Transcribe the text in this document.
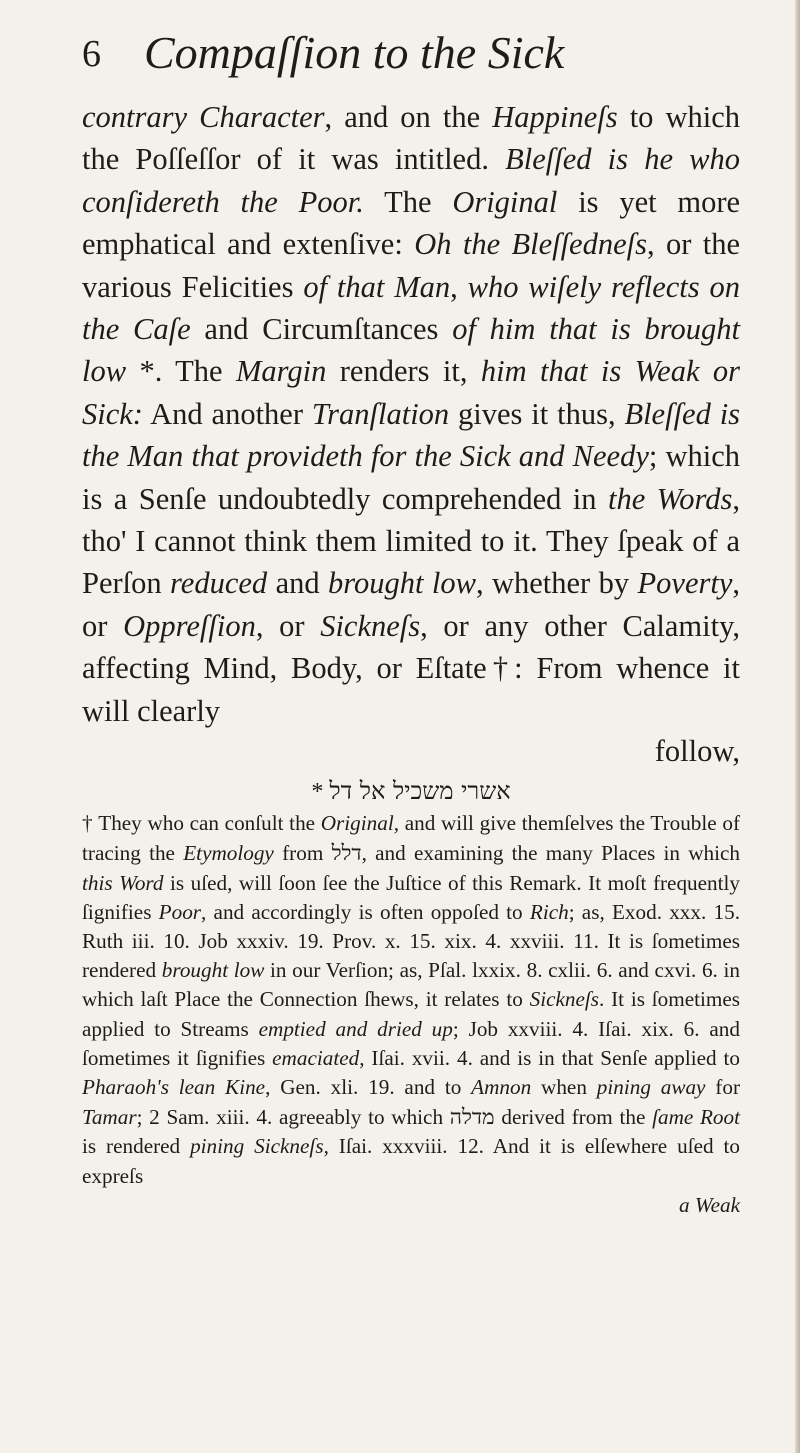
6 Compaſſion to the Sick

contrary Character, and on the Happineſs to which the Poſſeſſor of it was intitled. Bleſſed is he who conſidereth the Poor. The Original is yet more emphatical and extenſive: Oh the Bleſſedneſs, or the various Felicities of that Man, who wiſely reflects on the Caſe and Circumſtances of him that is brought low *. The Margin renders it, him that is Weak or Sick: And another Tranſlation gives it thus, Bleſſed is the Man that provideth for the Sick and Needy; which is a Senſe undoubtedly comprehended in the Words, tho' I cannot think them limited to it. They ſpeak of a Perſon reduced and brought low, whether by Poverty, or Oppreſſion, or Sickneſs, or any other Calamity, affecting Mind, Body, or Eſtate†: From whence it will clearly

follow,

* אשרי משכיל אל דל

† They who can conſult the Original, and will give themſelves the Trouble of tracing the Etymology from דלל, and examining the many Places in which this Word is uſed, will ſoon ſee the Juſtice of this Remark. It moſt frequently ſignifies Poor, and accordingly is often oppoſed to Rich; as, Exod. xxx. 15. Ruth iii. 10. Job xxxiv. 19. Prov. x. 15. xix. 4. xxviii. 11. It is ſometimes rendered brought low in our Verſion; as, Pſal. lxxix. 8. cxlii. 6. and cxvi. 6. in which laſt Place the Connection ſhews, it relates to Sickneſs. It is ſometimes applied to Streams emptied and dried up; Job xxviii. 4. Iſai. xix. 6. and ſometimes it ſignifies emaciated, Iſai. xvii. 4. and is in that Senſe applied to Pharaoh's lean Kine, Gen. xli. 19. and to Amnon when pining away for Tamar; 2 Sam. xiii. 4. agreeably to which מדלה derived from the ſame Root is rendered pining Sickneſs, Iſai. xxxviii. 12. And it is elſewhere uſed to expreſs

a Weak
